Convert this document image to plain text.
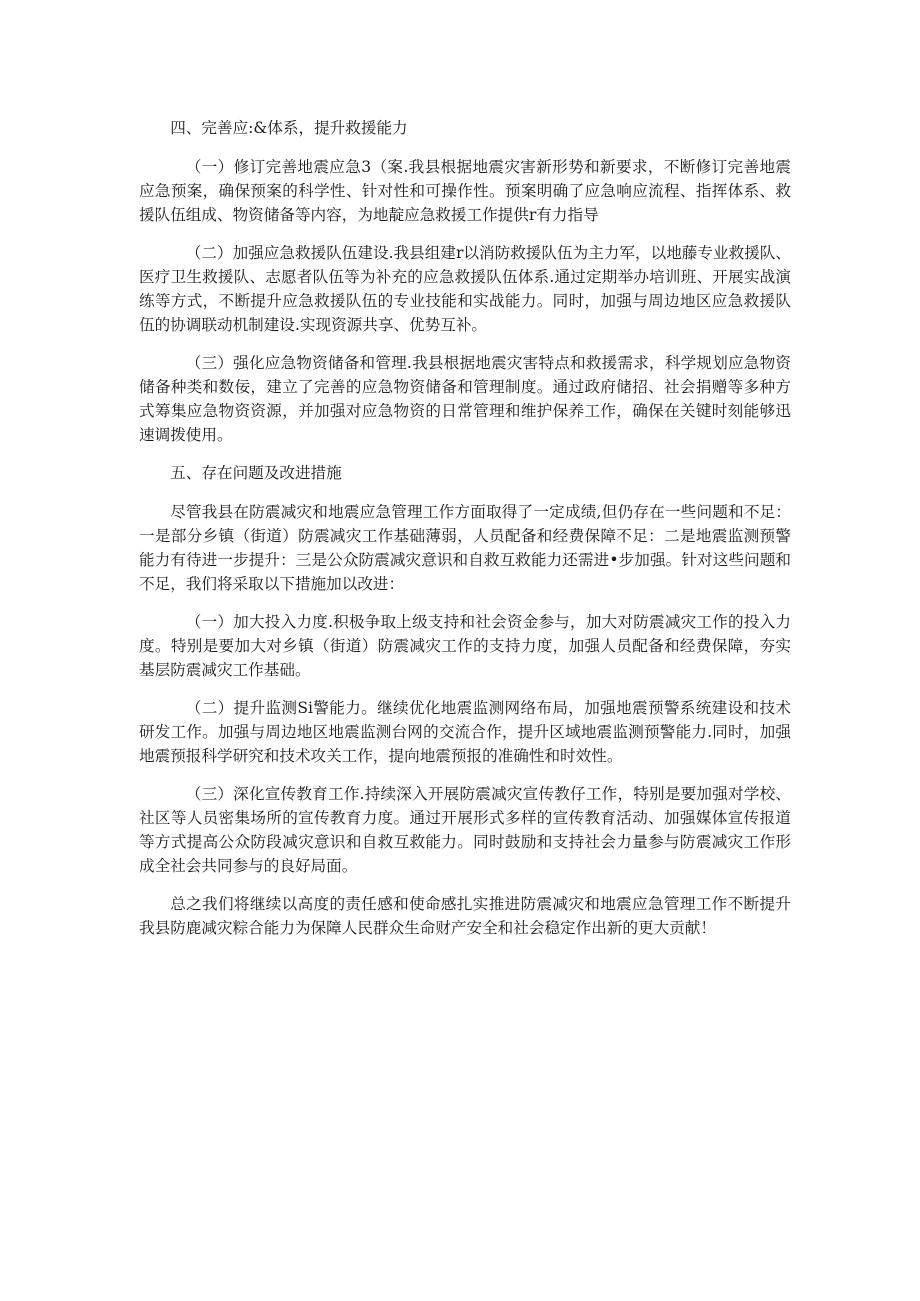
四、完善应:&体系，提升救援能力

（一）修订完善地震应急3（案.我县根据地震灾害新形势和新要求，不断修订完善地震应急预案，确保预案的科学性、针对性和可操作性。预案明确了应急响应流程、指挥体系、救援队伍组成、物资储备等内容，为地靛应急救援工作提供r有力指导

（二）加强应急救援队伍建设.我县组建r以消防救援队伍为主力军，以地藤专业救援队、医疗卫生救援队、志愿者队伍等为补充的应急救援队伍体系.通过定期举办培训班、开展实战演练等方式，不断提升应急救援队伍的专业技能和实战能力。同时，加强与周边地区应急救援队伍的协调联动机制建设.实现资源共享、优势互补。

（三）强化应急物资储备和管理.我县根据地震灾害特点和救援需求，科学规划应急物资储备种类和数佞，建立了完善的应急物资储备和管理制度。通过政府储招、社会捐赠等多种方式筹集应急物资资源，并加强对应急物资的日常管理和维护保养工作，确保在关键时刻能够迅速调拨使用。

五、存在问题及改进措施

尽管我县在防震减灾和地震应急管理工作方面取得了一定成绩,但仍存在一些问题和不足：一是部分乡镇（街道）防震减灾工作基础薄弱，人员配备和经费保障不足：二是地震监测预警能力有待进一步提升：三是公众防震减灾意识和自救互救能力还需进•步加强。针对这些问题和不足，我们将采取以下措施加以改进：

（一）加大投入力度.积极争取上级支持和社会资金参与，加大对防震减灾工作的投入力度。特别是要加大对乡镇（街道）防震减灾工作的支持力度，加强人员配备和经费保障，夯实基层防震减灾工作基础。

（二）提升监测Si警能力。继续优化地震监测网络布局，加强地震预警系统建设和技术研发工作。加强与周边地区地震监测台网的交流合作，提升区域地震监测预警能力.同时，加强地震预报科学研究和技术攻关工作，提向地震预报的准确性和时效性。

（三）深化宣传教育工作.持续深入开展防震减灾宣传教仔工作，特别是要加强对学校、社区等人员密集场所的宣传教育力度。通过开展形式多样的宣传教育活动、加强媒体宣传报道等方式提高公众防段减灾意识和自救互救能力。同时鼓励和支持社会力量参与防震减灾工作形成全社会共同参与的良好局面。

总之我们将继续以高度的责任感和使命感扎实推进防震减灾和地震应急管理工作不断提升我县防鹿减灾粽合能力为保障人民群众生命财产安全和社会稳定作出新的更大贡献！
